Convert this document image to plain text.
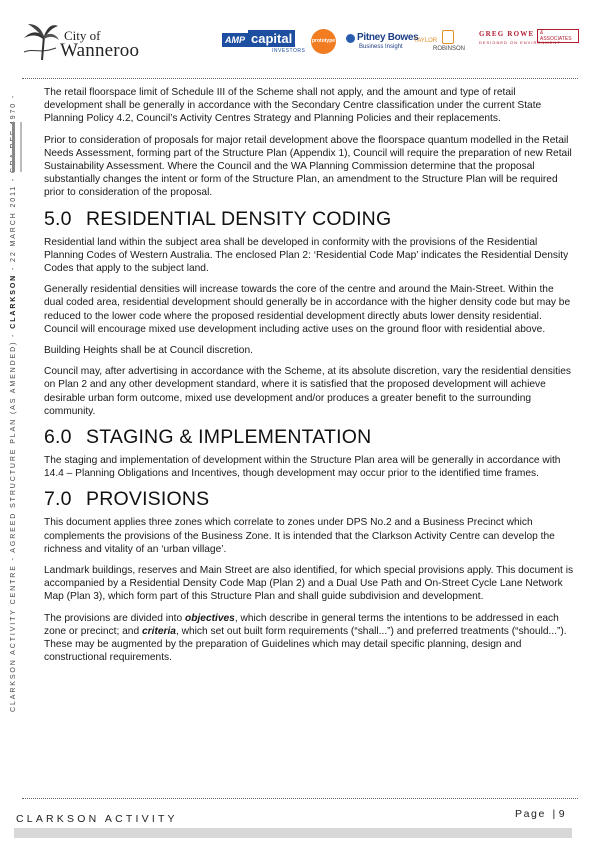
City of
Wanneroo	AMP capital
INVESTORS
prototype Pitney Bowes
Business Insight
TAYLOR
ROBINSON
GREG ROWE	& ASSOCIATES
DESIGNED ON ENVIRONMENT
CLARKSON ACTIVITY CENTRE - AGREED STRUCTURE PLAN (AS AMENDED) - CLARKSON - 22 MARCH 2011 - GRA REF 4970 -

The retail floorspace limit of Schedule III of the Scheme shall not apply, and the amount and type of retail development shall be generally in accordance with the Secondary Centre classification under the current State Planning Policy 4.2, Council’s Activity Centres Strategy and Planning Policies and their replacements.

Prior to consideration of proposals for major retail development above the floorspace quantum modelled in the Retail Needs Assessment, forming part of the Structure Plan (Appendix 1), Council will require the preparation of new Retail Sustainability Assessment. Where the Council and the WA Planning Commission determine that the proposal substantially changes the intent or form of the Structure Plan, an amendment to the Structure Plan will be required prior to consideration of the proposal.

5.0 RESIDENTIAL DENSITY CODING

Residential land within the subject area shall be developed in conformity with the provisions of the Residential Planning Codes of Western Australia. The enclosed Plan 2: ‘Residential Code Map’ indicates the Residential Density Codes that apply to the subject land.

Generally residential densities will increase towards the core of the centre and around the Main-Street. Within the dual coded area, residential development should generally be in accordance with the higher density code but may be reduced to the lower code where the proposed residential development directly abuts lower density residential. Council will encourage mixed use development including active uses on the ground floor with residential above.

Building Heights shall be at Council discretion.

Council may, after advertising in accordance with the Scheme, at its absolute discretion, vary the residential densities on Plan 2 and any other development standard, where it is satisfied that the proposed development will achieve desirable urban form outcome, mixed use development and/or produces a greater benefit to the surrounding community.

6.0 STAGING & IMPLEMENTATION

The staging and implementation of development within the Structure Plan area will be generally in accordance with 14.4 – Planning Obligations and Incentives, though development may occur prior to the identified time frames.

7.0 PROVISIONS

This document applies three zones which correlate to zones under DPS No.2 and a Business Precinct which complements the provisions of the Business Zone. It is intended that the Clarkson Activity Centre can develop the richness and vitality of an ‘urban village’.

Landmark buildings, reserves and Main Street are also identified, for which special provisions apply. This document is accompanied by a Residential Density Code Map (Plan 2) and a Dual Use Path and On-Street Cycle Lane Network Map (Plan 3), which form part of this Structure Plan and shall guide subdivision and development.

The provisions are divided into objectives, which describe in general terms the intentions to be addressed in each zone or precinct; and criteria, which set out built form requirements (“shall...”) and preferred treatments (“should...”). These may be augmented by the preparation of Guidelines which may detail specific planning, design and constructional requirements.

CLARKSON ACTIVITY	Page | 9
